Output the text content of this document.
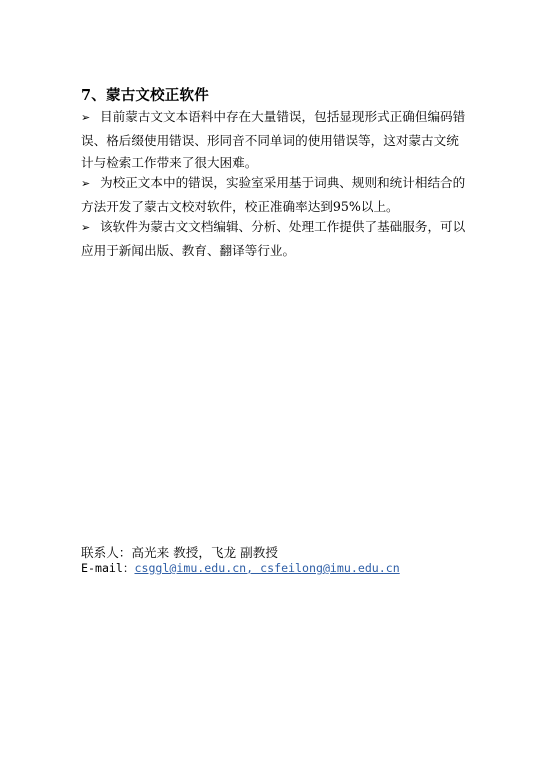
7、蒙古文校正软件
➢ 目前蒙古文文本语料中存在大量错误，包括显现形式正确但编码错误、格后缀使用错误、形同音不同单词的使用错误等，这对蒙古文统计与检索工作带来了很大困难。
➢ 为校正文本中的错误，实验室采用基于词典、规则和统计相结合的方法开发了蒙古文校对软件，校正准确率达到95%以上。
➢ 该软件为蒙古文文档编辑、分析、处理工作提供了基础服务，可以应用于新闻出版、教育、翻译等行业。
联系人：高光来 教授，飞龙 副教授
E-mail：csggl@imu.edu.cn, csfeilong@imu.edu.cn
